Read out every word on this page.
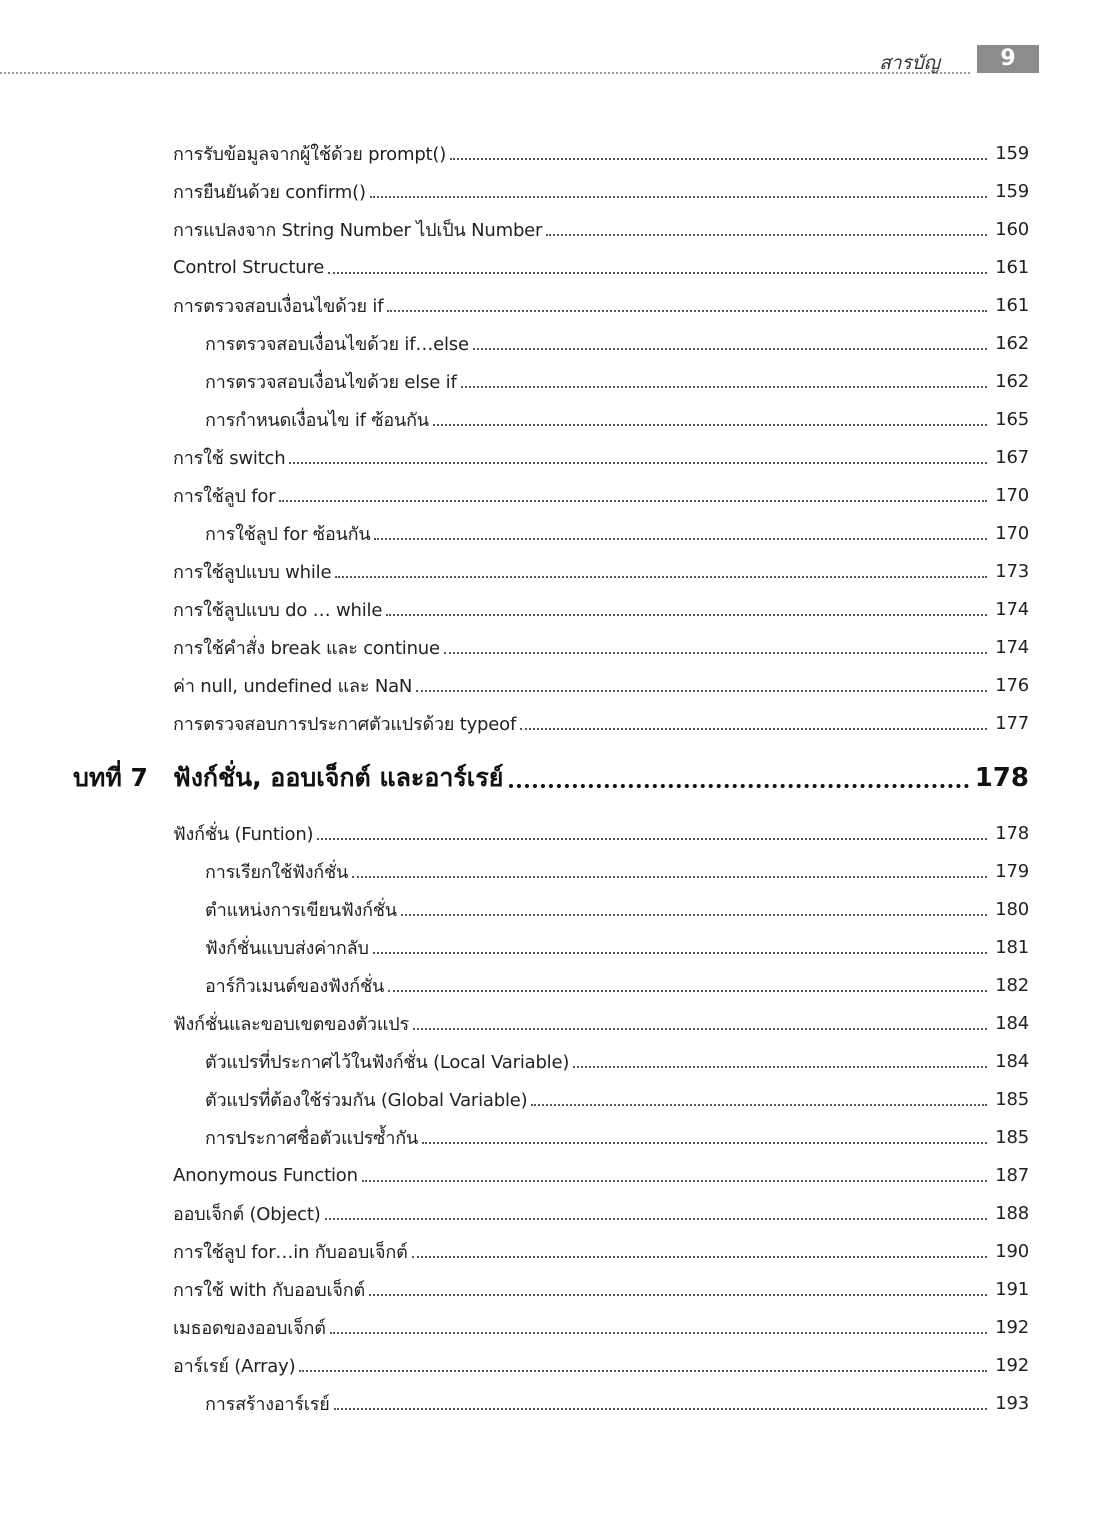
สารบัญ	9
การรับข้อมูลจากผู้ใช้ด้วย prompt()	159
การยืนยันด้วย confirm()	159
การแปลงจาก String Number ไปเป็น Number	160
Control Structure	161
การตรวจสอบเงื่อนไขด้วย if	161
การตรวจสอบเงื่อนไขด้วย if…else	162
การตรวจสอบเงื่อนไขด้วย else if	162
การกำหนดเงื่อนไข if ซ้อนกัน	165
การใช้ switch	167
การใช้ลูป for	170
การใช้ลูป for ซ้อนกัน	170
การใช้ลูปแบบ while	173
การใช้ลูปแบบ do … while	174
การใช้คำสั่ง break และ continue	174
ค่า null, undefined และ NaN	176
การตรวจสอบการประกาศตัวแปรด้วย typeof	177
บทที่ 7	ฟังก์ชั่น, ออบเจ็กต์ และอาร์เรย์	178
ฟังก์ชั่น (Funtion)	178
การเรียกใช้ฟังก์ชั่น	179
ตำแหน่งการเขียนฟังก์ชั่น	180
ฟังก์ชั่นแบบส่งค่ากลับ	181
อาร์กิวเมนต์ของฟังก์ชั่น	182
ฟังก์ชั่นและขอบเขตของตัวแปร	184
ตัวแปรที่ประกาศไว้ในฟังก์ชั่น (Local Variable)	184
ตัวแปรที่ต้องใช้ร่วมกัน (Global Variable)	185
การประกาศชื่อตัวแปรซ้ำกัน	185
Anonymous Function	187
ออบเจ็กต์ (Object)	188
การใช้ลูป for…in กับออบเจ็กต์	190
การใช้ with กับออบเจ็กต์	191
เมธอดของออบเจ็กต์	192
อาร์เรย์ (Array)	192
การสร้างอาร์เรย์	193
